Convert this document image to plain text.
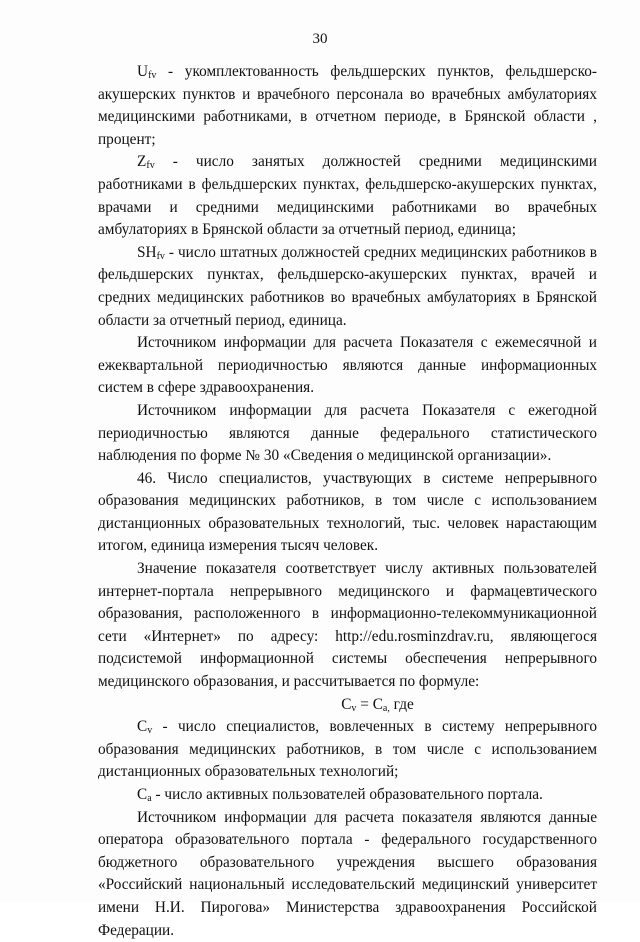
30

$U_{fv}$ - укомплектованность фельдшерских пунктов, фельдшерско-акушерских пунктов и врачебного персонала во врачебных амбулаториях медицинскими работниками, в отчетном периоде, в Брянской области , процент;

$Z_{fv}$ - число занятых должностей средними медицинскими работниками в фельдшерских пунктах, фельдшерско-акушерских пунктах, врачами и средними медицинскими работниками во врачебных амбулаториях в Брянской области за отчетный период, единица;

$SH_{fv}$ - число штатных должностей средних медицинских работников в фельдшерских пунктах, фельдшерско-акушерских пунктах, врачей и средних медицинских работников во врачебных амбулаториях в Брянской области за отчетный период, единица.

Источником информации для расчета Показателя с ежемесячной и ежеквартальной периодичностью являются данные информационных систем в сфере здравоохранения.

Источником информации для расчета Показателя с ежегодной периодичностью являются данные федерального статистического наблюдения по форме № 30 «Сведения о медицинской организации».

46. Число специалистов, участвующих в системе непрерывного образования медицинских работников, в том числе с использованием дистанционных образовательных технологий, тыс. человек нарастающим итогом, единица измерения тысяч человек.

Значение показателя соответствует числу активных пользователей интернет-портала непрерывного медицинского и фармацевтического образования, расположенного в информационно-телекоммуникационной сети «Интернет» по адресу: http://edu.rosminzdrav.ru, являющегося подсистемой информационной системы обеспечения непрерывного медицинского образования, и рассчитывается по формуле:

$C_v = C_{a,}$ где

$C_v$ - число специалистов, вовлеченных в систему непрерывного образования медицинских работников, в том числе с использованием дистанционных образовательных технологий;

$C_a$ - число активных пользователей образовательного портала.

Источником информации для расчета показателя являются данные оператора образовательного портала - федерального государственного бюджетного образовательного учреждения высшего образования «Российский национальный исследовательский медицинский университет имени Н.И. Пирогова» Министерства здравоохранения Российской Федерации.
